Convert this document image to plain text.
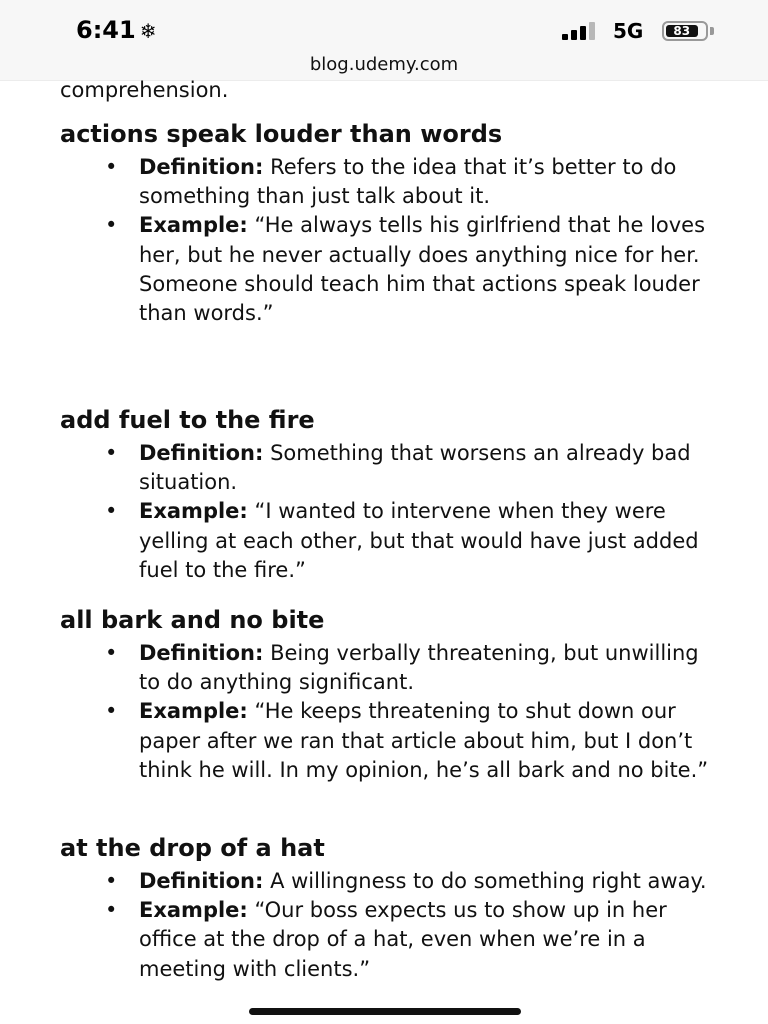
6:41 ❄	5G	83
blog.udemy.com

comprehension.

actions speak louder than words
• Definition: Refers to the idea that it’s better to do something than just talk about it.
• Example: “He always tells his girlfriend that he loves her, but he never actually does anything nice for her. Someone should teach him that actions speak louder than words.”
add fuel to the fire
• Definition: Something that worsens an already bad situation.
• Example: “I wanted to intervene when they were yelling at each other, but that would have just added fuel to the fire.”
all bark and no bite
• Definition: Being verbally threatening, but unwilling to do anything significant.
• Example: “He keeps threatening to shut down our paper after we ran that article about him, but I don’t think he will. In my opinion, he’s all bark and no bite.”
at the drop of a hat
• Definition: A willingness to do something right away.
• Example: “Our boss expects us to show up in her office at the drop of a hat, even when we’re in a meeting with clients.”
